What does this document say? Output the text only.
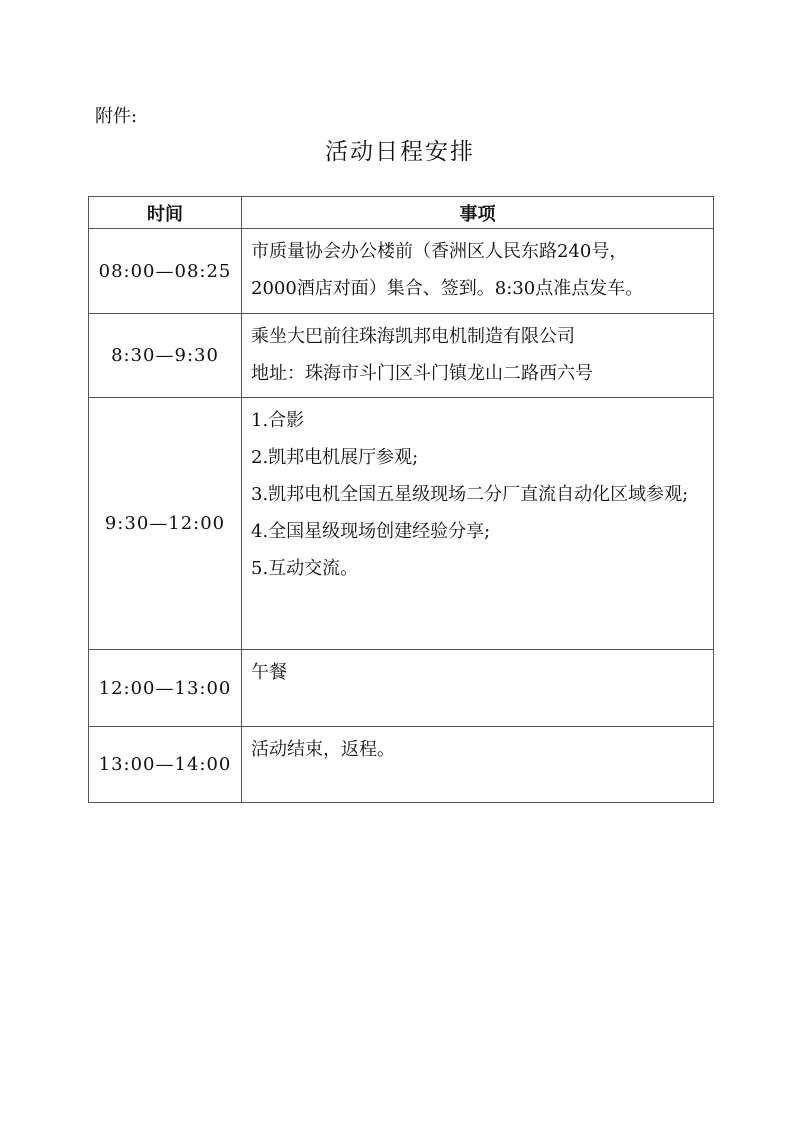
附件:
活动日程安排
时间	事项
08:00—08:25	市质量协会办公楼前（香洲区人民东路240号，
2000酒店对面）集合、签到。8:30点准点发车。

8:30—9:30	乘坐大巴前往珠海凯邦电机制造有限公司
地址：珠海市斗门区斗门镇龙山二路西六号

9:30—12:00	1.合影
2.凯邦电机展厅参观;
3.凯邦电机全国五星级现场二分厂直流自动化区域参观;
4.全国星级现场创建经验分享;
5.互动交流。

12:00—13:00	午餐

13:00—14:00	活动结束，返程。
